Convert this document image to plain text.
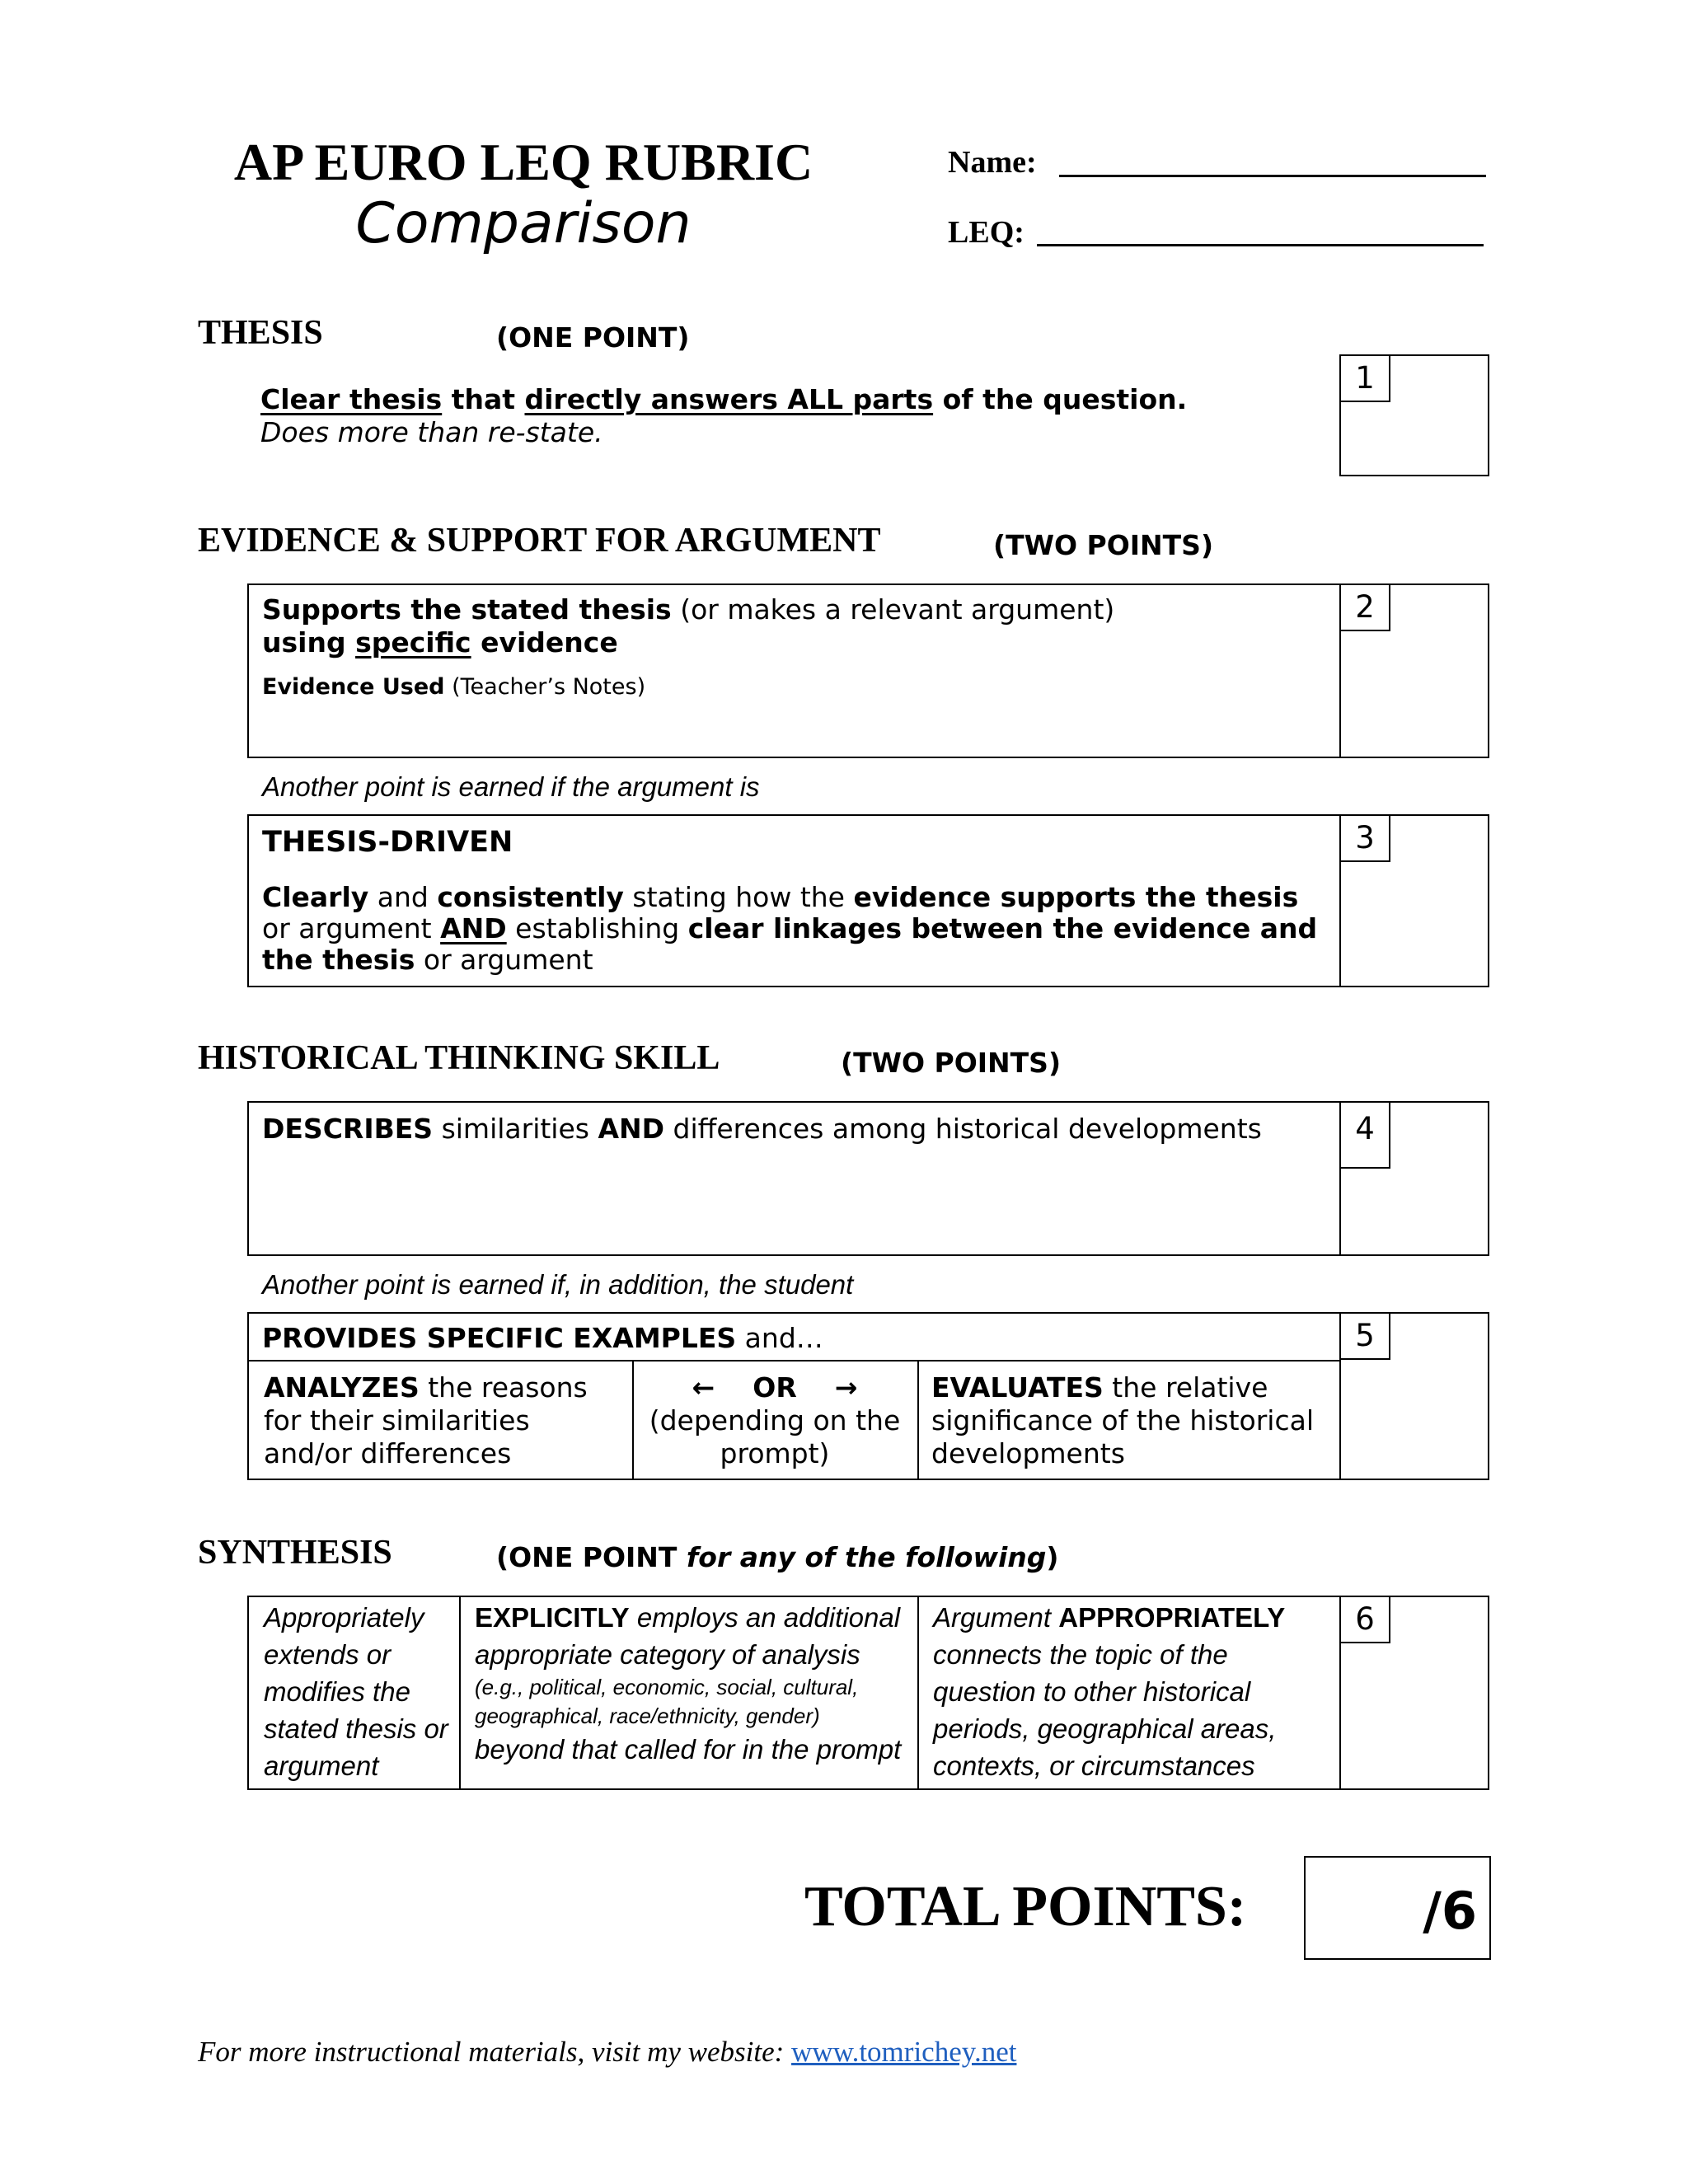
AP EURO LEQ RUBRIC
Comparison
Name:
LEQ:
THESIS	(ONE POINT)
Clear thesis that directly answers ALL parts of the question.
Does more than re-state.
1
EVIDENCE & SUPPORT FOR ARGUMENT	(TWO POINTS)
2
Supports the stated thesis (or makes a relevant argument)
using specific evidence
Evidence Used (Teacher’s Notes)
Another point is earned if the argument is
3
THESIS-DRIVEN
Clearly and consistently stating how the evidence supports the thesis or argument AND establishing clear linkages between the evidence and the thesis or argument
HISTORICAL THINKING SKILL	(TWO POINTS)
4
DESCRIBES similarities AND differences among historical developments
Another point is earned if, in addition, the student
5
PROVIDES SPECIFIC EXAMPLES and…
ANALYZES the reasons for their similarities and/or differences
← OR →
(depending on the prompt)
EVALUATES the relative significance of the historical developments
SYNTHESIS	(ONE POINT for any of the following)
6
Appropriately extends or modifies the stated thesis or argument
EXPLICITLY employs an additional appropriate category of analysis

(e.g., political, economic, social, cultural, geographical, race/ethnicity, gender)
beyond that called for in the prompt
Argument APPROPRIATELY connects the topic of the question to other historical periods, geographical areas, contexts, or circumstances
TOTAL POINTS:	/6
For more instructional materials, visit my website: www.tomrichey.net
